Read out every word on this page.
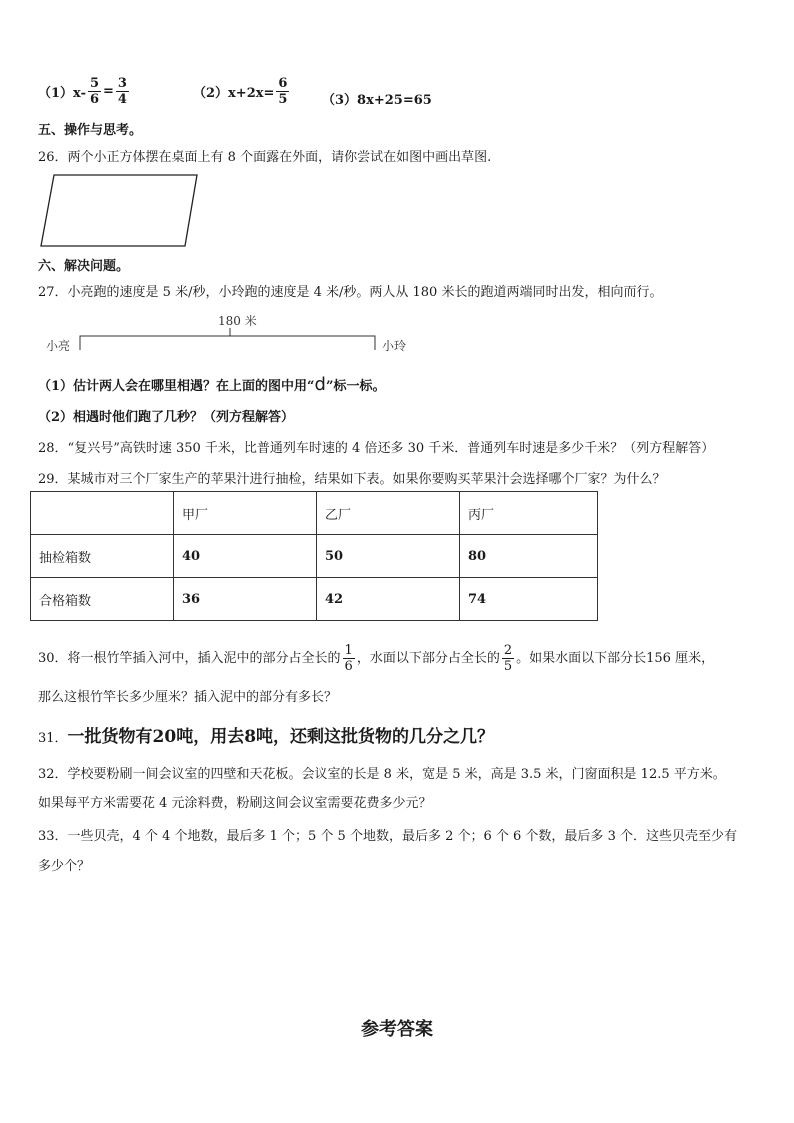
$(1)x- \frac{5}{6} = \frac{3}{4}$	$(2)x+2x= \frac{6}{5}$	（3）8x+25=65
五、操作与思考。
26．两个小正方体摆在桌面上有 8 个面露在外面，请你尝试在如图中画出草图.
六、解决问题。
27．小亮跑的速度是 5 米/秒，小玲跑的速度是 4 米/秒。两人从 180 米长的跑道两端同时出发，相向而行。
180 米
小亮	小玲
（1）估计两人会在哪里相遇？在上面的图中用“d”标一标。
（2）相遇时他们跑了几秒？（列方程解答）
28．“复兴号”高铁时速 350 千米，比普通列车时速的 4 倍还多 30 千米．普通列车时速是多少千米？（列方程解答）
29．某城市对三个厂家生产的苹果汁进行抽检，结果如下表。如果你要购买苹果汁会选择哪个厂家？为什么？
	甲厂	乙厂	丙厂
抽检箱数	40	50	80
合格箱数	36	42	74
30．将一根竹竿插入河中，插入泥中的部分占全长的 $\frac{1}{6}$ ，水面以下部分占全长的 $\frac{2}{5}$ 。如果水面以下部分长156 厘米，
那么这根竹竿长多少厘米？插入泥中的部分有多长？
31．一批货物有20吨，用去8吨，还剩这批货物的几分之几？
32．学校要粉刷一间会议室的四壁和天花板。会议室的长是 8 米，宽是 5 米，高是 3.5 米，门窗面积是 12.5 平方米。
如果每平方米需要花 4 元涂料费，粉刷这间会议室需要花费多少元？
33．一些贝壳，4 个 4 个地数，最后多 1 个；5 个 5 个地数，最后多 2 个；6 个 6 个数，最后多 3 个．这些贝壳至少有
多少个？
参考答案
